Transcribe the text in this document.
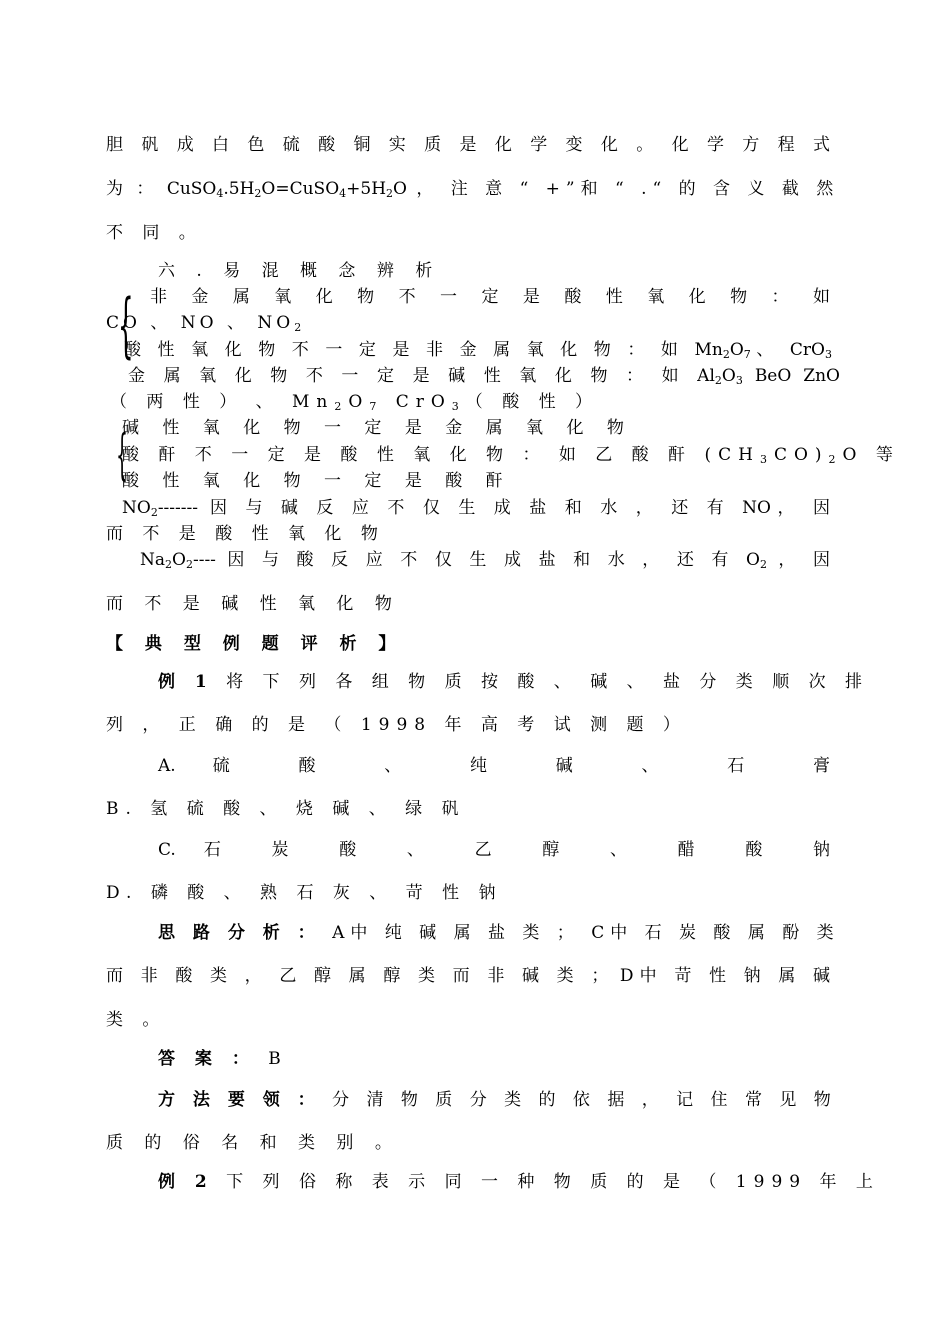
胆 矾 成 白 色 硫 酸 铜 实 质 是 化 学 变 化 。 化 学 方 程 式
为 ： $CuSO_4.5H_2O=CuSO_4+5H_2O$ ， 注 意 “ +”和 “ .“ 的 含 义 截 然
不 同 。
六 . 易 混 概 念 辨 析
{ 非 金 属 氧 化 物 不 一 定 是 酸 性 氧 化 物 ： 如
CO 、 NO 、 $NO_2$
酸 性 氧 化 物 不 一 定 是 非 金 属 氧 化 物 ： 如 $Mn_2O_7$、 CrO$_3$
金 属 氧 化 物 不 一 定 是 碱 性 氧 化 物 ： 如 $Al_2O_3$ BeO ZnO
（ 两 性 ） 、 $Mn_2O_7$ CrO$_3$（ 酸 性 ）
碱 性 氧 化 物 一 定 是 金 属 氧 化 物
{
酸 酐 不 一 定 是 酸 性 氧 化 物 ： 如 乙 酸 酐 $(CH_3CO)_2O$ 等
酸 性 氧 化 物 一 定 是 酸 酐
$NO_2-------$ 因 与 碱 反 应 不 仅 生 成 盐 和 水 ， 还 有 NO， 因
而 不 是 酸 性 氧 化 物
$Na_2O_2----$ 因 与 酸 反 应 不 仅 生 成 盐 和 水 ， 还 有 $O_2$ ， 因
而 不 是 碱 性 氧 化 物
【 典 型 例 题 评 析 】
例 1 将 下 列 各 组 物 质 按 酸 、 碱 、 盐 分 类 顺 次 排
列 ， 正 确 的 是 （ 1998 年 高 考 试 测 题 ）
A. 硫 酸 、 纯 碱 、 石 膏
B. 氢 硫 酸 、 烧 碱 、 绿 矾
C. 石 炭 酸 、 乙 醇 、 醋 酸 钠
D. 磷 酸 、 熟 石 灰 、 苛 性 钠
思 路 分 析 ： A中 纯 碱 属 盐 类 ； C中 石 炭 酸 属 酚 类
而 非 酸 类 ， 乙 醇 属 醇 类 而 非 碱 类 ； D中 苛 性 钠 属 碱
类 。
答 案 ： B
方 法 要 领 ： 分 清 物 质 分 类 的 依 据 ， 记 住 常 见 物
质 的 俗 名 和 类 别 。
例 2 下 列 俗 称 表 示 同 一 种 物 质 的 是 （ 1999 年 上
